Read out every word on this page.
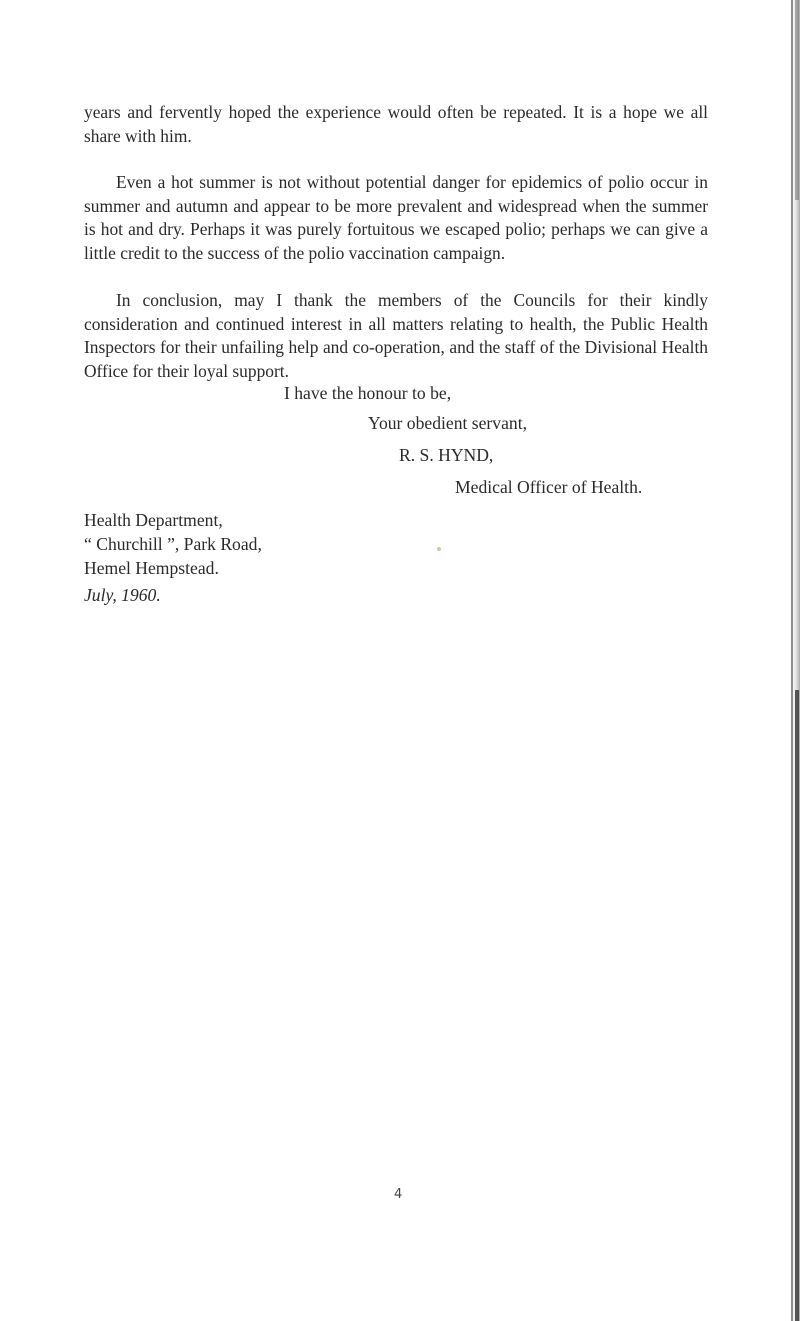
years and fervently hoped the experience would often be repeated. It is a hope we all share with him.

Even a hot summer is not without potential danger for epidemics of polio occur in summer and autumn and appear to be more prevalent and widespread when the summer is hot and dry. Perhaps it was purely fortuitous we escaped polio; perhaps we can give a little credit to the success of the polio vaccination campaign.

In conclusion, may I thank the members of the Councils for their kindly consideration and continued interest in all matters relating to health, the Public Health Inspectors for their unfailing help and co-operation, and the staff of the Divisional Health Office for their loyal support.

I have the honour to be,

Your obedient servant,

R. S. HYND,

Medical Officer of Health.

Health Department,

“ Churchill ”, Park Road,

Hemel Hempstead.

July, 1960.

4
